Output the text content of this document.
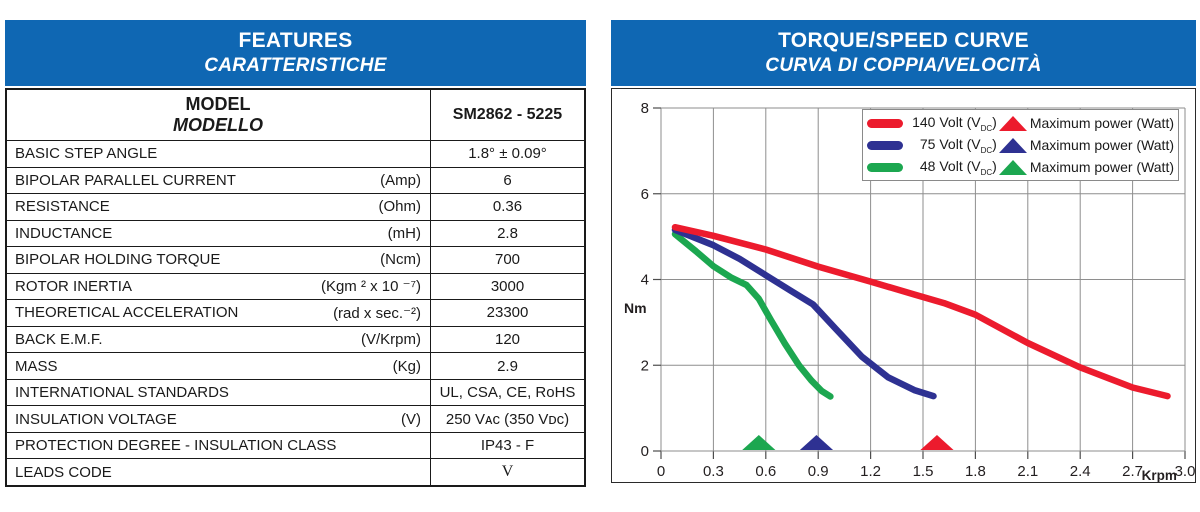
FEATURES
CARATTERISTICHE
MODEL
MODELLO
SM2862 - 5225
BASIC STEP ANGLE	1.8° ± 0.09°
BIPOLAR PARALLEL CURRENT	(Amp)	6
RESISTANCE	(Ohm)	0.36
INDUCTANCE	(mH)	2.8
BIPOLAR HOLDING TORQUE	(Ncm)	700
ROTOR INERTIA	(Kgm ² x 10 ⁻⁷)	3000
THEORETICAL ACCELERATION	(rad x sec.⁻²)	23300
BACK E.M.F.	(V/Krpm)	120
MASS	(Kg)	2.9
INTERNATIONAL STANDARDS	UL, CSA, CE, RoHS
INSULATION VOLTAGE	(V)	250 Vᴀᴄ (350 Vᴅᴄ)
PROTECTION DEGREE - INSULATION CLASS	IP43 - F
LEADS CODE	V
TORQUE/SPEED CURVE
CURVA DI COPPIA/VELOCITÀ
0	0.3 0.6 0.9 1.2 1.5 1.8 2.1 2.4 2.7 3.0
0
2
4
6
8
Nm
Krpm
140 Volt $(V_{DC})$ Maximum power (Watt)
75 Volt $(V_{DC})$ Maximum power (Watt)
48 Volt $(V_{DC})$ Maximum power (Watt)
